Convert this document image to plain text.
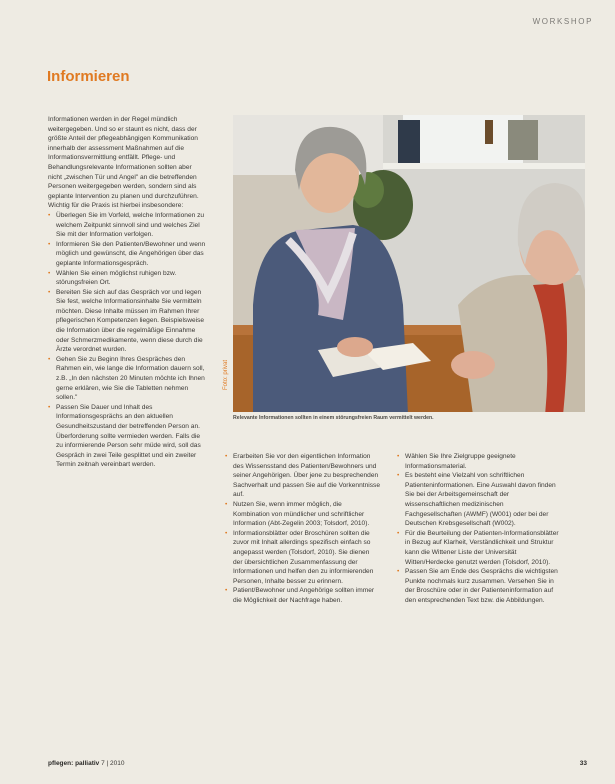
WORKSHOP
Informieren

Informationen werden in der Regel mündlich weitergegeben. Und so er staunt es nicht, dass der größte Anteil der pflegeabhängigen Kommunikation innerhalb der assessment Maßnahmen auf die Informationsvermittlung entfällt. Pflege- und Behandlungsrelevante Informationen sollten aber nicht „zwischen Tür und Angel" an die betreffenden Personen weitergegeben werden, sondern sind als geplante Intervention zu planen und durchzuführen.

Wichtig für die Praxis ist hierbei insbesondere:

• Überlegen Sie im Vorfeld, welche Informationen zu welchem Zeitpunkt sinnvoll sind und welches Ziel Sie mit der Information verfolgen.
• Informieren Sie den Patienten/Bewohner und wenn möglich und gewünscht, die Angehörigen über das geplante Informationsgespräch.
• Wählen Sie einen möglichst ruhigen bzw. störungsfreien Ort.
• Bereiten Sie sich auf das Gespräch vor und legen Sie fest, welche Informationsinhalte Sie vermitteln möchten. Diese Inhalte müssen im Rahmen Ihrer pflegerischen Kompetenzen liegen. Beispielsweise die Information über die regelmäßige Einnahme oder Schmerzmedikamente, wenn diese durch die Ärzte verordnet wurden.
• Gehen Sie zu Beginn Ihres Gespräches den Rahmen ein, wie lange die Information dauern soll, z.B. „In den nächsten 20 Minuten möchte ich Ihnen gerne erklären, wie Sie die Tabletten nehmen sollen."
• Passen Sie Dauer und Inhalt des Informationsgesprächs an den aktuellen Gesundheitszustand der betreffenden Person an. Überforderung sollte vermieden werden. Falls die zu informierende Person sehr müde wird, soll das Gespräch in zwei Teile gesplittet und ein zweiter Termin zeitnah vereinbart werden.
Foto: privat
Relevante Informationen sollten in einem störungsfreien Raum vermittelt werden.
• Erarbeiten Sie vor den eigentlichen Information des Wissensstand des Patienten/Bewohners und seiner Angehörigen. Über jene zu besprechenden Sachverhalt und passen Sie auf die Vorkenntnisse auf.
• Nutzen Sie, wenn immer möglich, die Kombination von mündlicher und schriftlicher Information (Abt-Zegelin 2003; Tolsdorf, 2010).
• Informationsblätter oder Broschüren sollten die zuvor mit Inhalt allerdings spezifisch einfach so angepasst werden (Tolsdorf, 2010). Sie dienen der übersichtlichen Zusammenfassung der Informationen und helfen den zu informierenden Personen, Inhalte besser zu erinnern.
• Patient/Bewohner und Angehörige sollten immer die Möglichkeit der Nachfrage haben.
• Wählen Sie Ihre Zielgruppe geeignete Informationsmaterial.
• Es besteht eine Vielzahl von schriftlichen Patienteninformationen. Eine Auswahl davon finden Sie bei der Arbeitsgemeinschaft der wissenschaftlichen medizinischen Fachgesellschaften (AWMF) (W001) oder bei der Deutschen Krebsgesellschaft (W002).
• Für die Beurteilung der Patienten-Informationsblätter in Bezug auf Klarheit, Verständlichkeit und Struktur kann die Wittener Liste der Universität Witten/Herdecke genutzt werden (Tolsdorf, 2010).
• Passen Sie am Ende des Gesprächs die wichtigsten Punkte nochmals kurz zusammen. Versehen Sie in der Broschüre oder in der Patienteninformation auf den entsprechenden Text bzw. die Abbildungen.
pflegen: palliativ 7 | 2010	33
